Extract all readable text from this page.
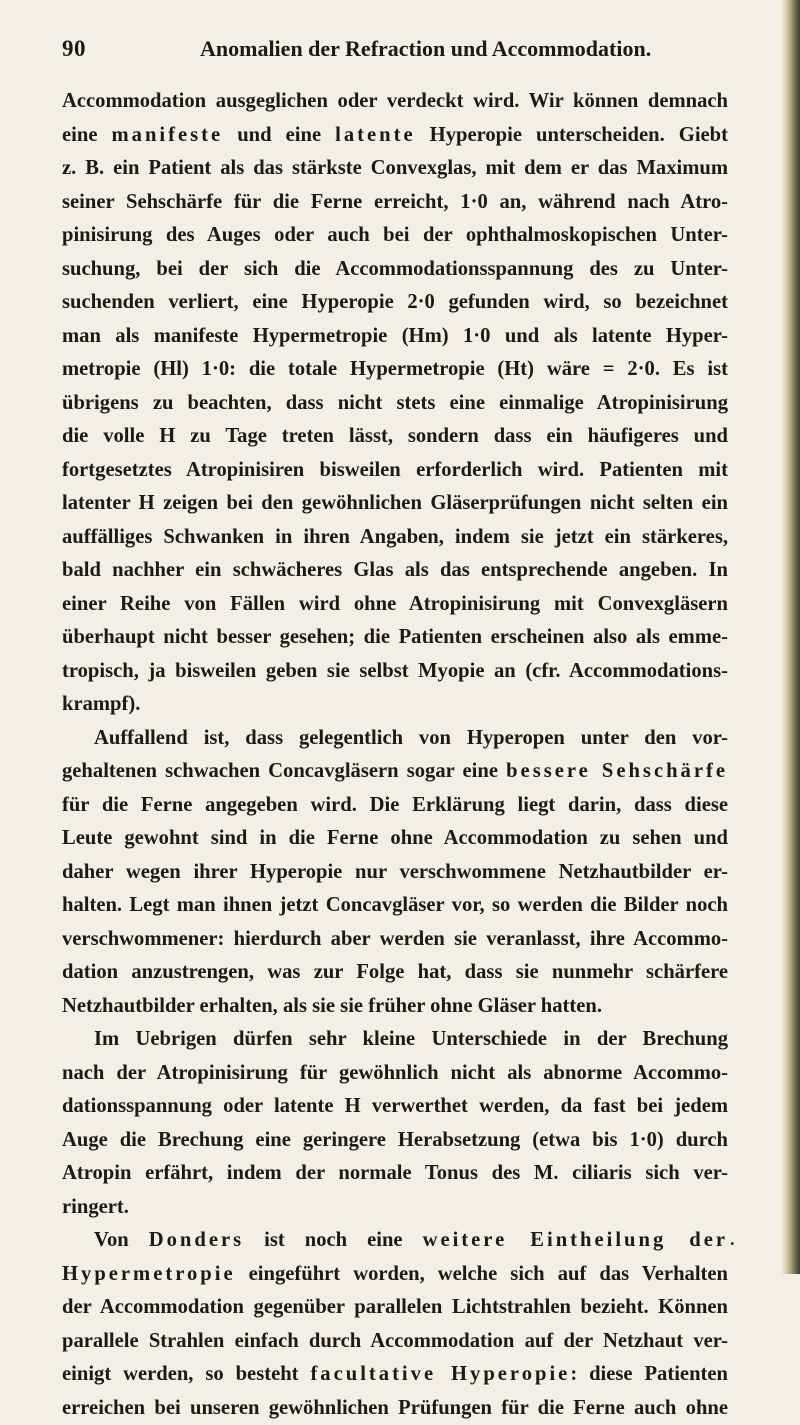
90	Anomalien der Refraction und Accommodation.
Accommodation ausgeglichen oder verdeckt wird. Wir können demnach
eine manifeste und eine latente Hyperopie unterscheiden. Giebt
z. B. ein Patient als das stärkste Convexglas, mit dem er das Maximum
seiner Sehschärfe für die Ferne erreicht, 1·0 an, während nach Atro-
pinisirung des Auges oder auch bei der ophthalmoskopischen Unter-
suchung, bei der sich die Accommodationsspannung des zu Unter-
suchenden verliert, eine Hyperopie 2·0 gefunden wird, so bezeichnet
man als manifeste Hypermetropie (Hm) 1·0 und als latente Hyper-
metropie (Hl) 1·0: die totale Hypermetropie (Ht) wäre = 2·0. Es ist
übrigens zu beachten, dass nicht stets eine einmalige Atropinisirung
die volle H zu Tage treten lässt, sondern dass ein häufigeres und
fortgesetztes Atropinisiren bisweilen erforderlich wird. Patienten mit
latenter H zeigen bei den gewöhnlichen Gläserprüfungen nicht selten ein
auffälliges Schwanken in ihren Angaben, indem sie jetzt ein stärkeres,
bald nachher ein schwächeres Glas als das entsprechende angeben. In
einer Reihe von Fällen wird ohne Atropinisirung mit Convexgläsern
überhaupt nicht besser gesehen; die Patienten erscheinen also als emme-
tropisch, ja bisweilen geben sie selbst Myopie an (cfr. Accommodations-
krampf).
Auffallend ist, dass gelegentlich von Hyperopen unter den vor-
gehaltenen schwachen Concavgläsern sogar eine bessere Sehschärfe
für die Ferne angegeben wird. Die Erklärung liegt darin, dass diese
Leute gewohnt sind in die Ferne ohne Accommodation zu sehen und
daher wegen ihrer Hyperopie nur verschwommene Netzhautbilder er-
halten. Legt man ihnen jetzt Concavgläser vor, so werden die Bilder noch
verschwommener: hierdurch aber werden sie veranlasst, ihre Accommo-
dation anzustrengen, was zur Folge hat, dass sie nunmehr schärfere
Netzhautbilder erhalten, als sie sie früher ohne Gläser hatten.
Im Uebrigen dürfen sehr kleine Unterschiede in der Brechung
nach der Atropinisirung für gewöhnlich nicht als abnorme Accommo-
dationsspannung oder latente H verwerthet werden, da fast bei jedem
Auge die Brechung eine geringere Herabsetzung (etwa bis 1·0) durch
Atropin erfährt, indem der normale Tonus des M. ciliaris sich ver-
ringert.
Von Donders ist noch eine weitere Eintheilung der
Hypermetropie eingeführt worden, welche sich auf das Verhalten
der Accommodation gegenüber parallelen Lichtstrahlen bezieht. Können
parallele Strahlen einfach durch Accommodation auf der Netzhaut ver-
einigt werden, so besteht facultative Hyperopie: diese Patienten
erreichen bei unseren gewöhnlichen Prüfungen für die Ferne auch ohne
•
